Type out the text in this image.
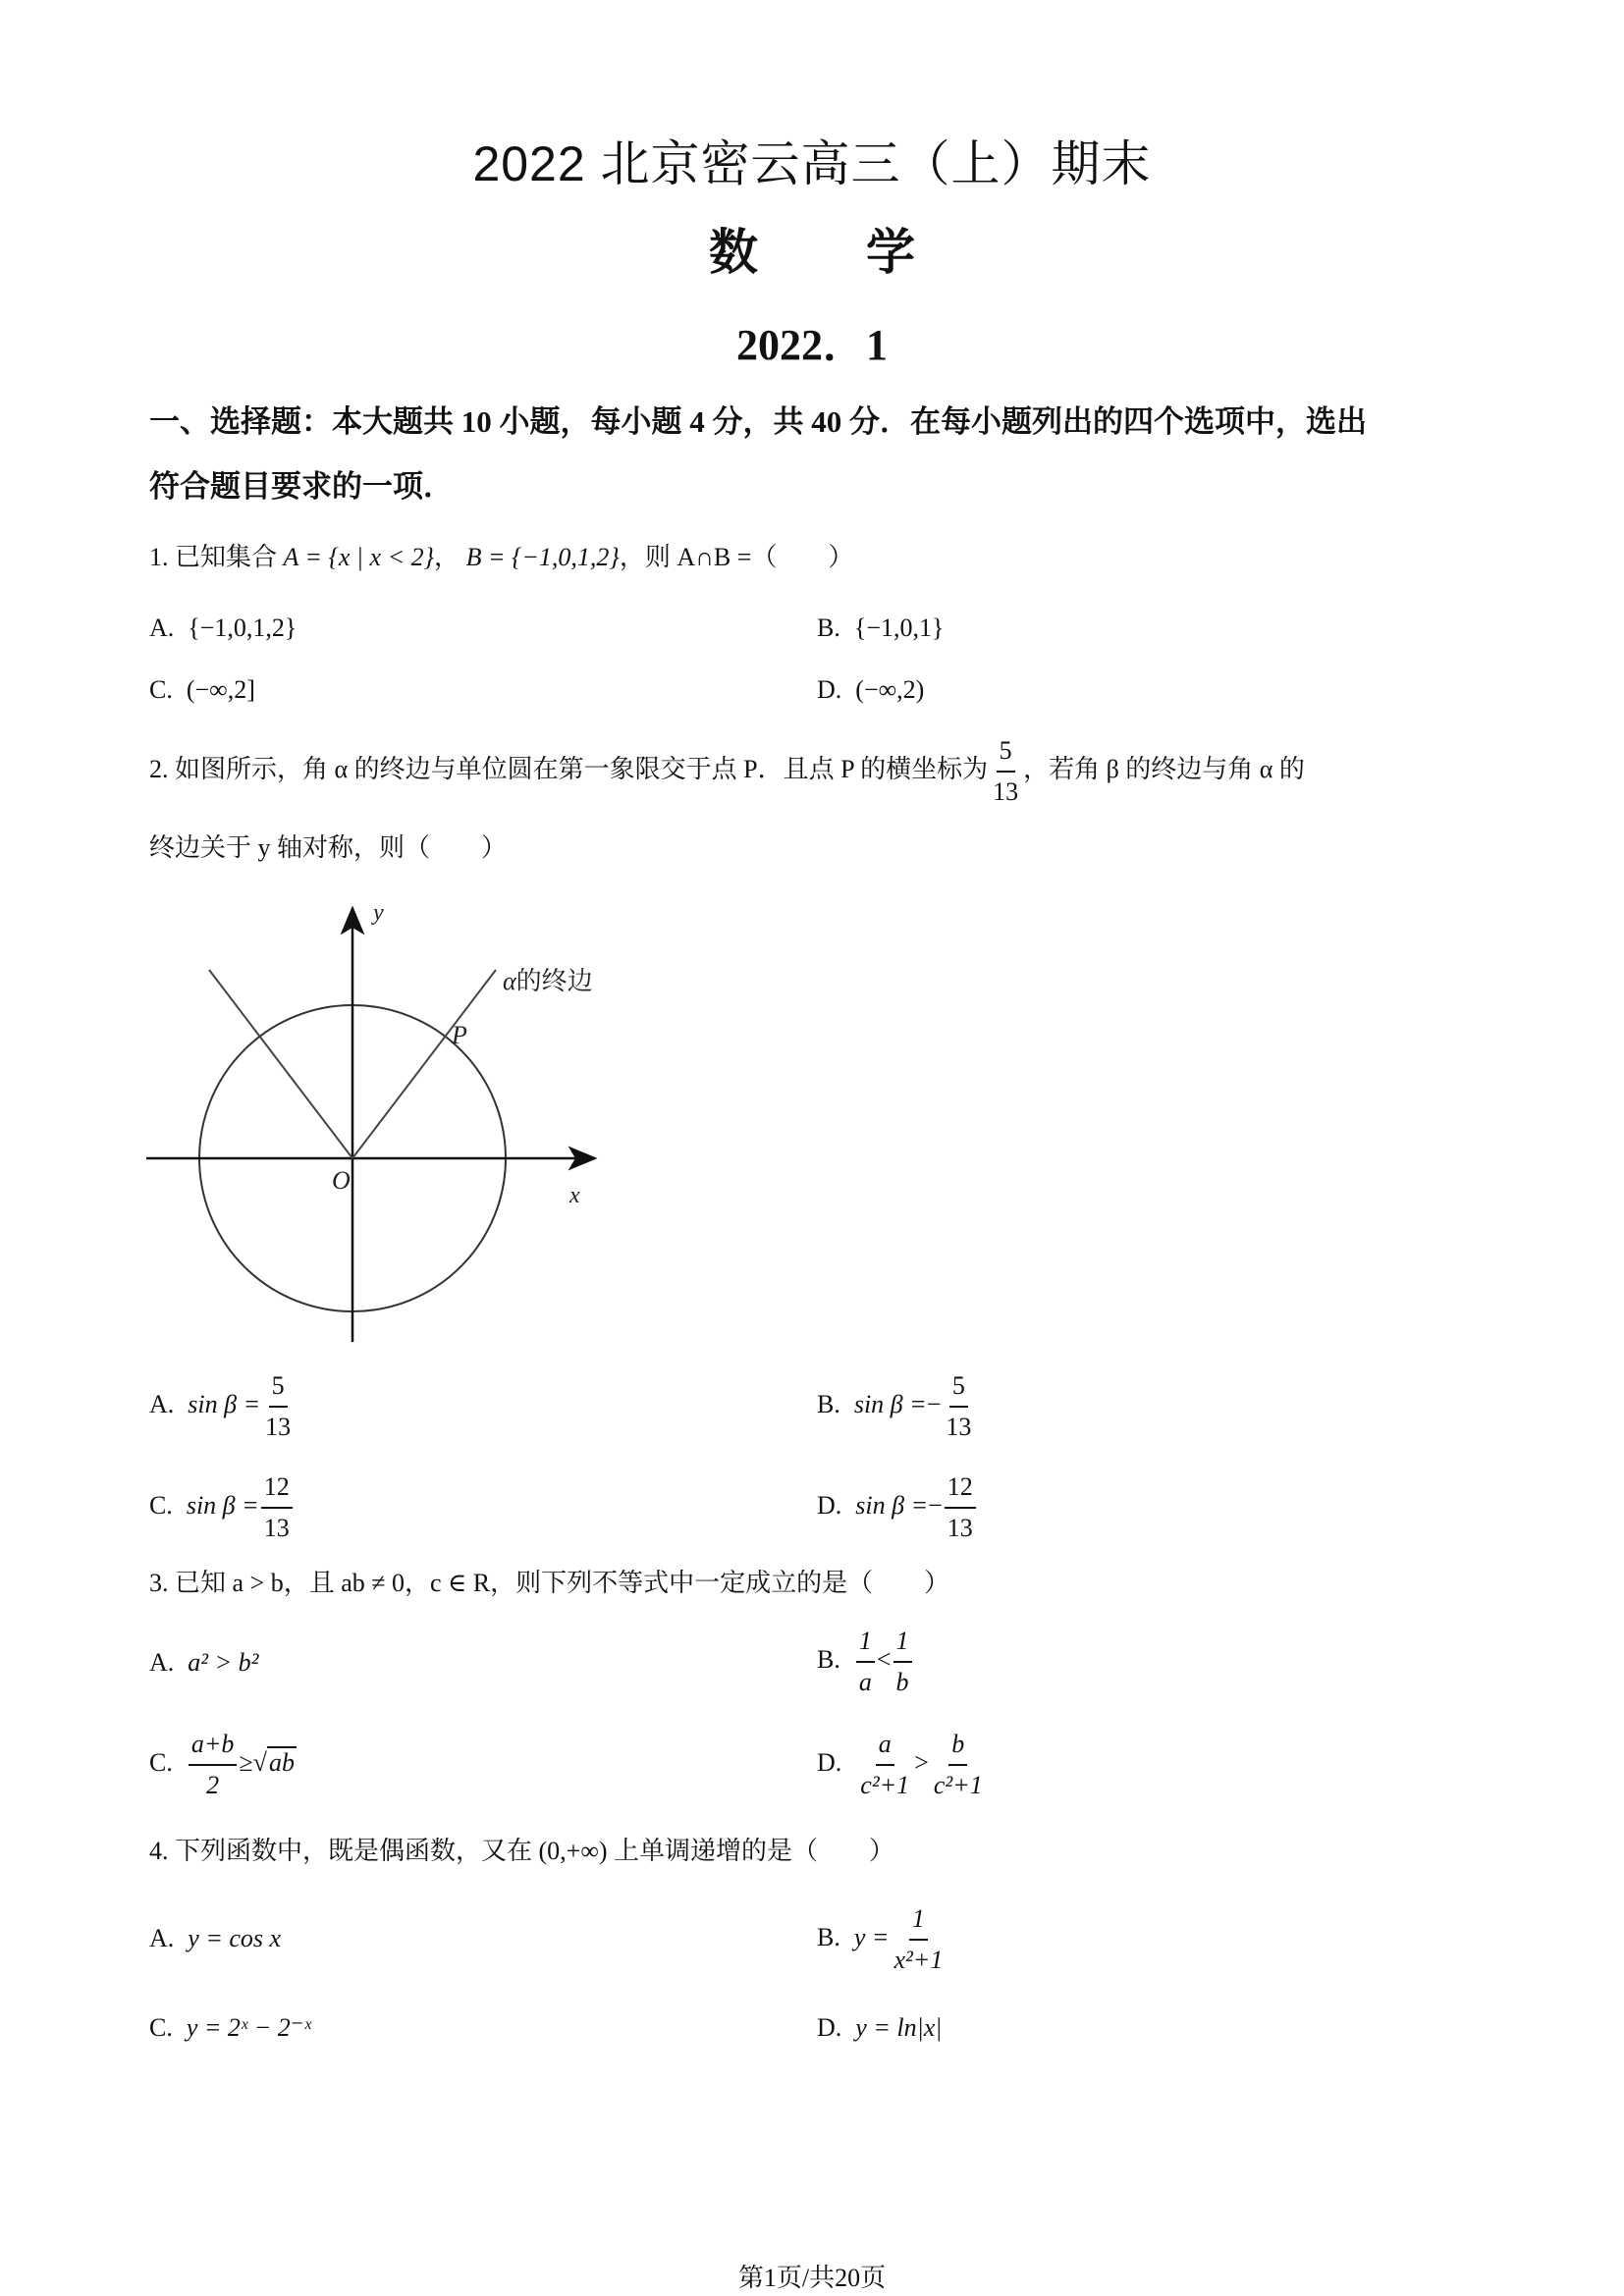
2022 北京密云高三（上）期末
数 学
2022．1
一、选择题：本大题共 10 小题，每小题 4 分，共 40 分．在每小题列出的四个选项中，选出
符合题目要求的一项．
1. 已知集合 A = {x | x < 2}， B = {−1,0,1,2}，则 A∩B =（　　）
A. {−1,0,1,2}	B. {−1,0,1}
C. (−∞,2]	D. (−∞,2)
2. 如图所示，角 α 的终边与单位圆在第一象限交于点 P．且点 P 的横坐标为 $\frac{5}{13}$ ，若角 β 的终边与角 α 的
终边关于 y 轴对称，则（　　）
y
x
O
P
α的终边
A. $\sin \beta = \frac{5}{13}$	B. $\sin \beta =- \frac{5}{13}$
C. $\sin \beta = \frac{12}{13}$	D. $\sin \beta =- \frac{12}{13}$
3. 已知 a > b，且 ab ≠ 0，c ∈ R，则下列不等式中一定成立的是（　　）
A. a² > b²	B. $\frac{1}{a} < \frac{1}{b}$
C. $\frac{a+b}{2} \ge√ab$	D. $\frac{a}{\text{c²+1}} > \frac{b}{\text{c²+1}}$
4. 下列函数中，既是偶函数，又在 (0,+∞) 上单调递增的是（　　）
A. y = cos x	B. $y = \frac{1}{\text{x²+1}}$
C. y = 2ˣ − 2⁻ˣ	D. y = ln|x|
第1页/共20页
